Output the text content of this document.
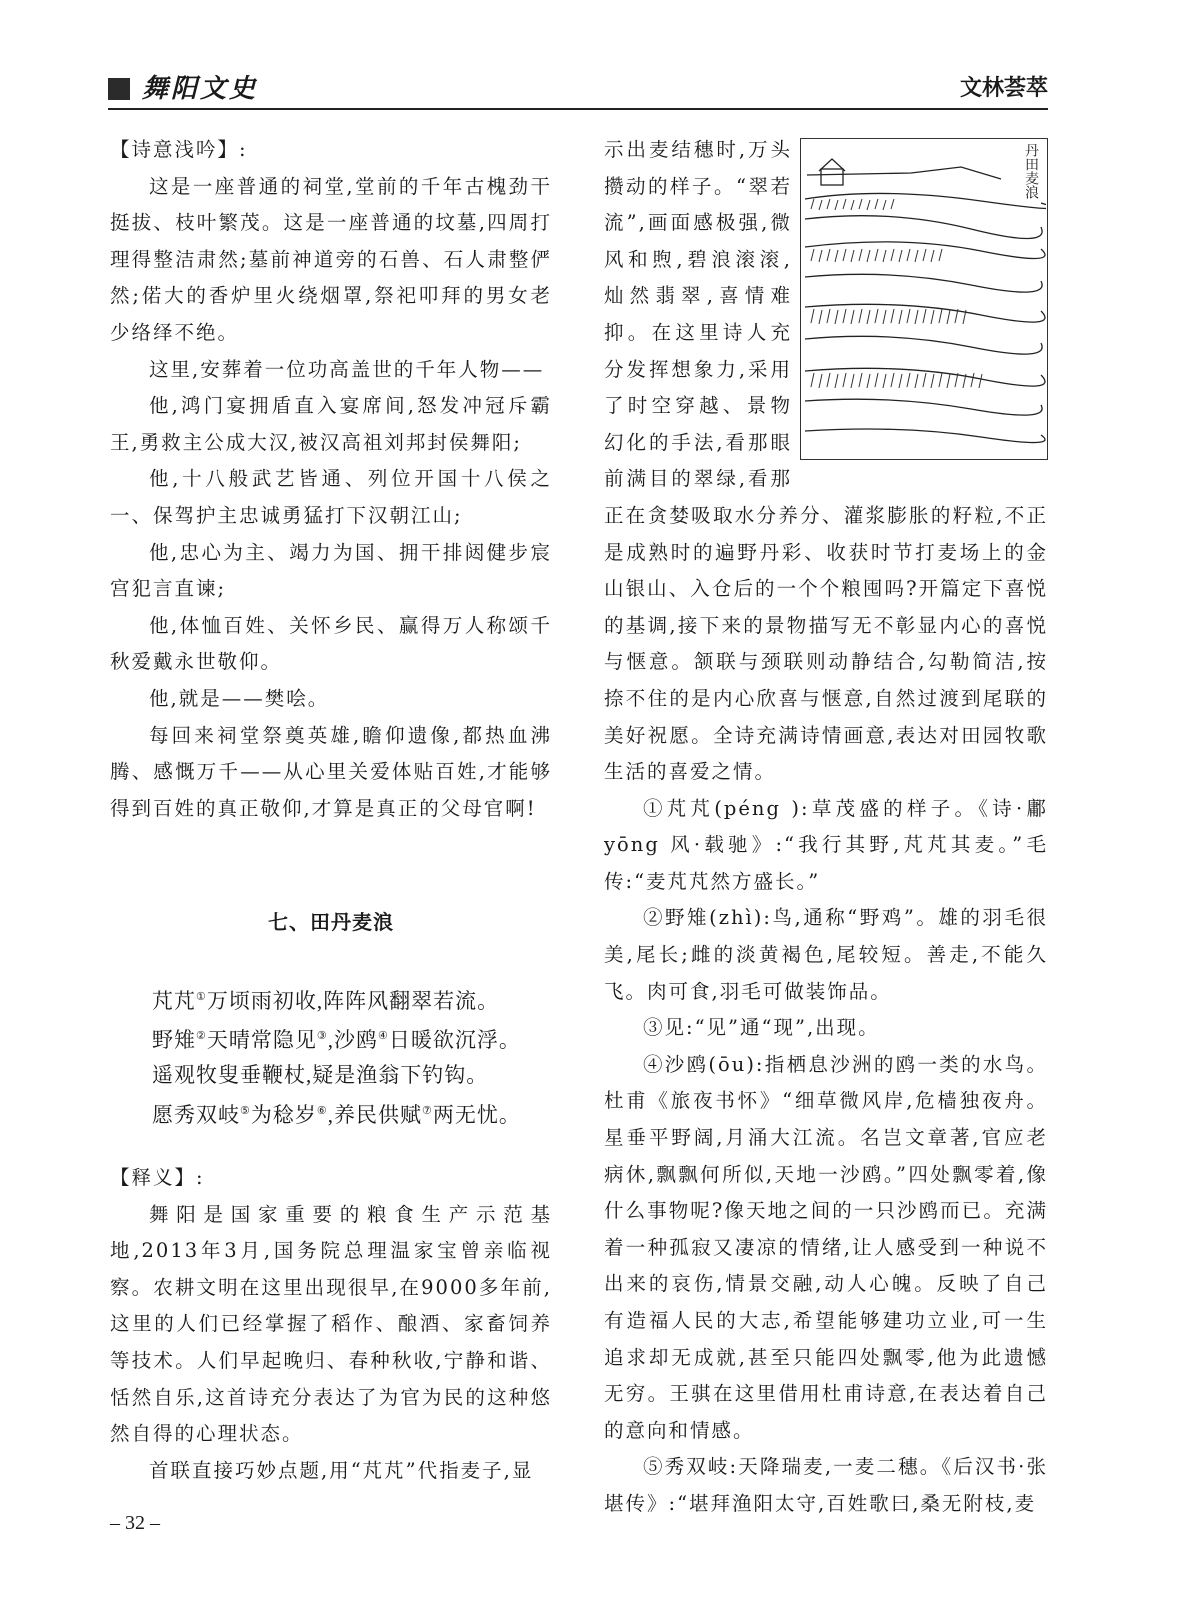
舞阳文史	文林荟萃

【诗意浅吟】:

这是一座普通的祠堂,堂前的千年古槐劲干挺拔、枝叶繁茂。这是一座普通的坟墓,四周打理得整洁肃然;墓前神道旁的石兽、石人肃整俨然;偌大的香炉里火绕烟罩,祭祀叩拜的男女老少络绎不绝。

这里,安葬着一位功高盖世的千年人物——

他,鸿门宴拥盾直入宴席间,怒发冲冠斥霸王,勇救主公成大汉,被汉高祖刘邦封侯舞阳;

他,十八般武艺皆通、列位开国十八侯之一、保驾护主忠诚勇猛打下汉朝江山;

他,忠心为主、竭力为国、拥干排闼健步宸宫犯言直谏;

他,体恤百姓、关怀乡民、赢得万人称颂千秋爱戴永世敬仰。

他,就是——樊哙。

每回来祠堂祭奠英雄,瞻仰遗像,都热血沸腾、感慨万千——从心里关爱体贴百姓,才能够得到百姓的真正敬仰,才算是真正的父母官啊!

七、田丹麦浪

芃芃①万顷雨初收,阵阵风翻翠若流。

野雉②天晴常隐见③,沙鸥④日暖欲沉浮。

遥观牧叟垂鞭杖,疑是渔翁下钓钩。

愿秀双岐⑤为稔岁⑥,养民供赋⑦两无忧。

【释义】:

舞阳是国家重要的粮食生产示范基地,2013年3月,国务院总理温家宝曾亲临视察。农耕文明在这里出现很早,在9000多年前,这里的人们已经掌握了稻作、酿酒、家畜饲养等技术。人们早起晚归、春种秋收,宁静和谐、恬然自乐,这首诗充分表达了为官为民的这种悠然自得的心理状态。

首联直接巧妙点题,用“芃芃”代指麦子,显

丹田麦浪

示出麦结穗时,万头攒动的样子。“翠若流”,画面感极强,微风和煦,碧浪滚滚,灿然翡翠,喜情难抑。在这里诗人充分发挥想象力,采用了时空穿越、景物幻化的手法,看那眼前满目的翠绿,看那正在贪婪吸取水分养分、灌浆膨胀的籽粒,不正是成熟时的遍野丹彩、收获时节打麦场上的金山银山、入仓后的一个个粮囤吗?开篇定下喜悦的基调,接下来的景物描写无不彰显内心的喜悦与惬意。颔联与颈联则动静结合,勾勒简洁,按捺不住的是内心欣喜与惬意,自然过渡到尾联的美好祝愿。全诗充满诗情画意,表达对田园牧歌生活的喜爱之情。

①芃芃(péng ):草茂盛的样子。《诗·鄘 yōng 风·载驰》:“我行其野,芃芃其麦。”毛传:“麦芃芃然方盛长。”

②野雉(zhì):鸟,通称“野鸡”。雄的羽毛很美,尾长;雌的淡黄褐色,尾较短。善走,不能久飞。肉可食,羽毛可做装饰品。

③见:“见”通“现”,出现。

④沙鸥(ōu):指栖息沙洲的鸥一类的水鸟。杜甫《旅夜书怀》“细草微风岸,危樯独夜舟。星垂平野阔,月涌大江流。名岂文章著,官应老病休,飘飘何所似,天地一沙鸥。”四处飘零着,像什么事物呢?像天地之间的一只沙鸥而已。充满着一种孤寂又凄凉的情绪,让人感受到一种说不出来的哀伤,情景交融,动人心魄。反映了自己有造福人民的大志,希望能够建功立业,可一生追求却无成就,甚至只能四处飘零,他为此遗憾无穷。王骐在这里借用杜甫诗意,在表达着自己的意向和情感。

⑤秀双岐:天降瑞麦,一麦二穗。《后汉书·张堪传》:“堪拜渔阳太守,百姓歌曰,桑无附枝,麦

– 32 –
